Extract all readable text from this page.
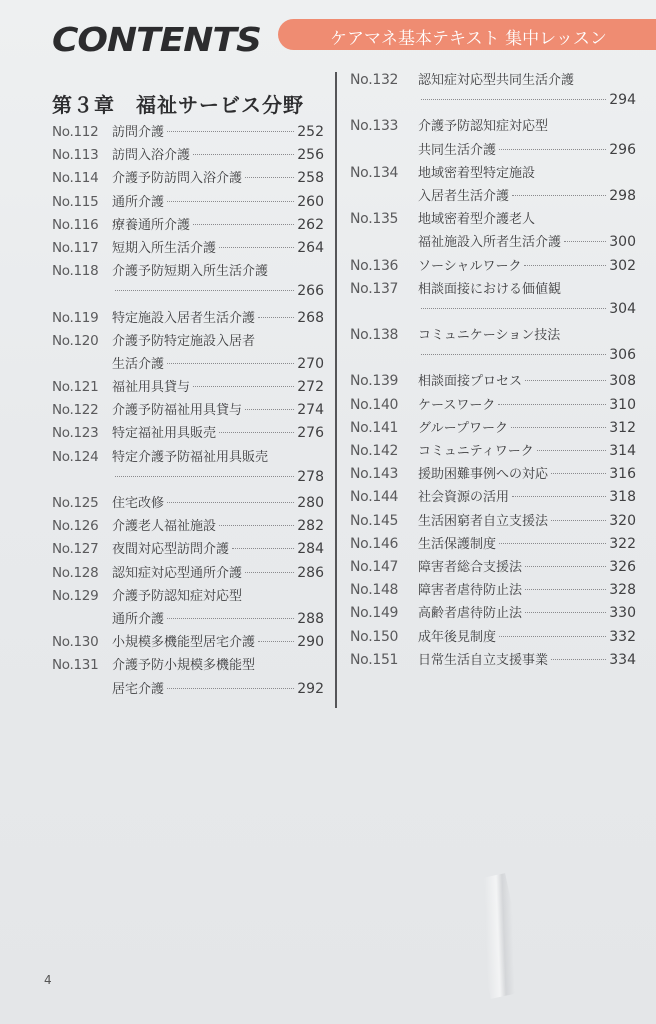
CONTENTS	ケアマネ基本テキスト 集中レッスン
第３章　福祉サービス分野
No.112	訪問介護	252
No.113	訪問入浴介護	256
No.114	介護予防訪問入浴介護	258
No.115	通所介護	260
No.116	療養通所介護	262
No.117	短期入所生活介護	264
No.118	介護予防短期入所生活介護
266
No.119	特定施設入居者生活介護	268
No.120	介護予防特定施設入居者
生活介護	270
No.121	福祉用具貸与	272
No.122	介護予防福祉用具貸与	274
No.123	特定福祉用具販売	276
No.124	特定介護予防福祉用具販売
278
No.125	住宅改修	280
No.126	介護老人福祉施設	282
No.127	夜間対応型訪問介護	284
No.128	認知症対応型通所介護	286
No.129	介護予防認知症対応型
通所介護	288
No.130	小規模多機能型居宅介護	290
No.131	介護予防小規模多機能型
居宅介護	292
No.132	認知症対応型共同生活介護
294
No.133	介護予防認知症対応型
共同生活介護	296
No.134	地域密着型特定施設
入居者生活介護	298
No.135	地域密着型介護老人
福祉施設入所者生活介護	300
No.136	ソーシャルワーク	302
No.137	相談面接における価値観
304
No.138	コミュニケーション技法
306
No.139	相談面接プロセス	308
No.140	ケースワーク	310
No.141	グループワーク	312
No.142	コミュニティワーク	314
No.143	援助困難事例への対応	316
No.144	社会資源の活用	318
No.145	生活困窮者自立支援法	320
No.146	生活保護制度	322
No.147	障害者総合支援法	326
No.148	障害者虐待防止法	328
No.149	高齢者虐待防止法	330
No.150	成年後見制度	332
No.151	日常生活自立支援事業	334
4
